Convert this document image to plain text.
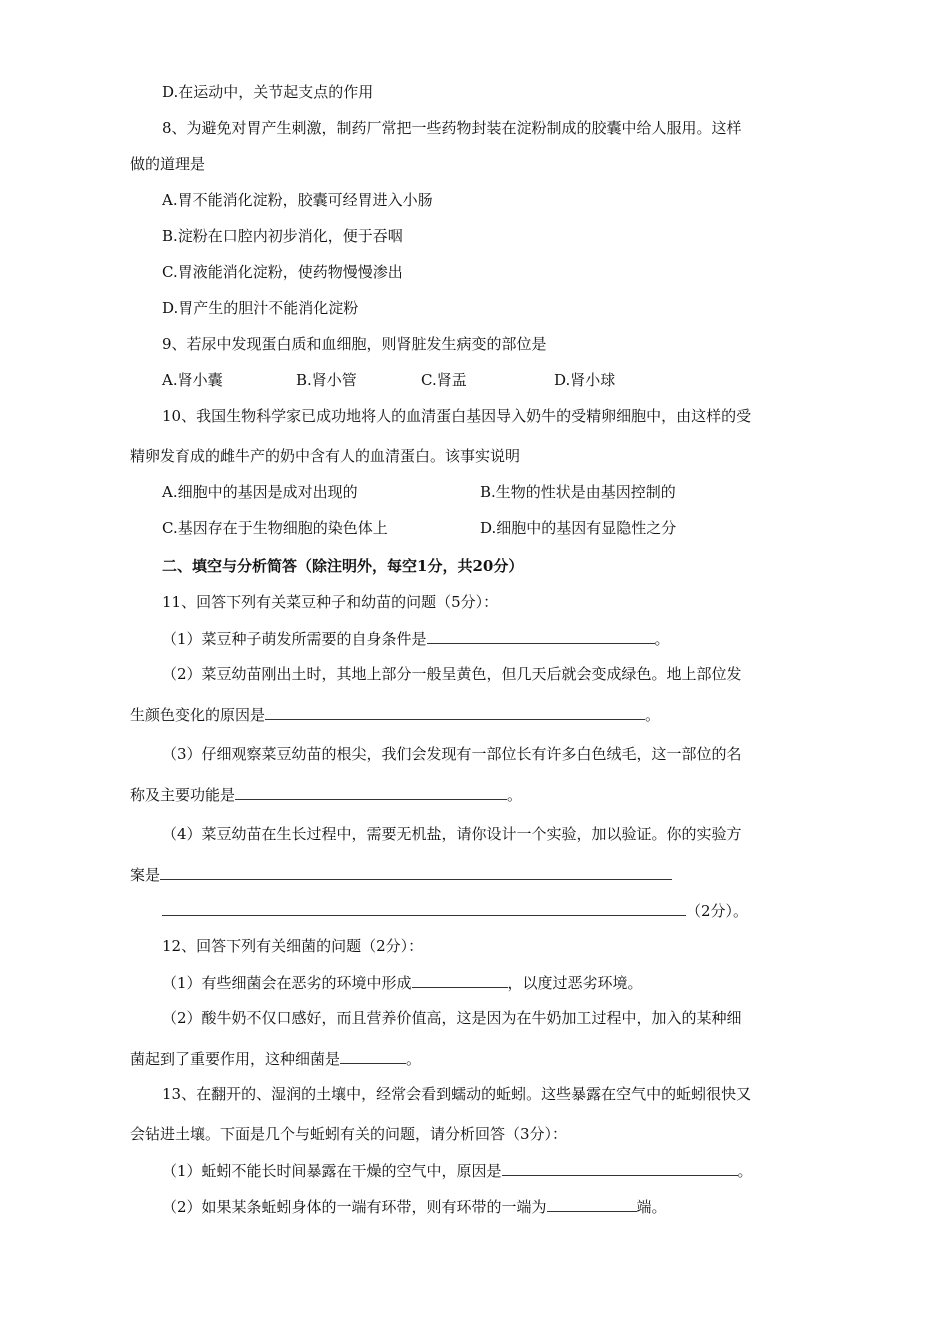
D.在运动中，关节起支点的作用
8、为避免对胃产生刺激，制药厂常把一些药物封装在淀粉制成的胶囊中给人服用。这样
做的道理是
A.胃不能消化淀粉，胶囊可经胃进入小肠
B.淀粉在口腔内初步消化，便于吞咽
C.胃液能消化淀粉，使药物慢慢渗出
D.胃产生的胆汁不能消化淀粉
9、若尿中发现蛋白质和血细胞，则肾脏发生病变的部位是
A.肾小囊	B.肾小管	C.肾盂	D.肾小球
10、我国生物科学家已成功地将人的血清蛋白基因导入奶牛的受精卵细胞中，由这样的受
精卵发育成的雌牛产的奶中含有人的血清蛋白。该事实说明
A.细胞中的基因是成对出现的	B.生物的性状是由基因控制的
C.基因存在于生物细胞的染色体上	D.细胞中的基因有显隐性之分
二、填空与分析简答（除注明外，每空1分，共20分）
11、回答下列有关菜豆种子和幼苗的问题（5分）：
（1）菜豆种子萌发所需要的自身条件是	。
（2）菜豆幼苗刚出土时，其地上部分一般呈黄色，但几天后就会变成绿色。地上部位发
生颜色变化的原因是	。
（3）仔细观察菜豆幼苗的根尖，我们会发现有一部位长有许多白色绒毛，这一部位的名
称及主要功能是	。
（4）菜豆幼苗在生长过程中，需要无机盐，请你设计一个实验，加以验证。你的实验方
案是
（2分）。
12、回答下列有关细菌的问题（2分）：
（1）有些细菌会在恶劣的环境中形成	，以度过恶劣环境。
（2）酸牛奶不仅口感好，而且营养价值高，这是因为在牛奶加工过程中，加入的某种细
菌起到了重要作用，这种细菌是	。
13、在翻开的、湿润的土壤中，经常会看到蠕动的蚯蚓。这些暴露在空气中的蚯蚓很快又
会钻进土壤。下面是几个与蚯蚓有关的问题，请分析回答（3分）：
（1）蚯蚓不能长时间暴露在干燥的空气中，原因是	。
（2）如果某条蚯蚓身体的一端有环带，则有环带的一端为	端。
